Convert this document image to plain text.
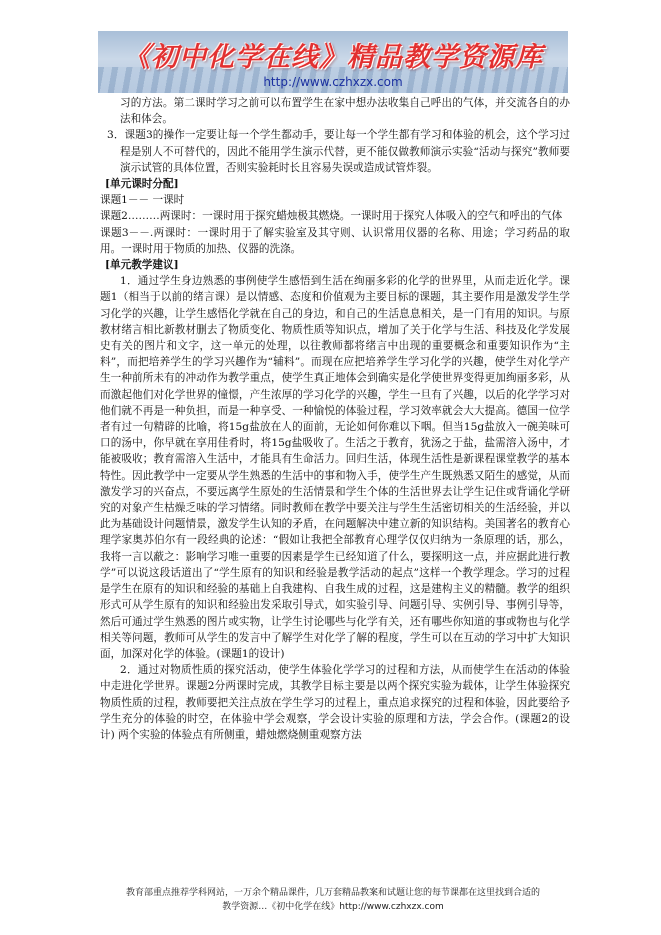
《初中化学在线》精品教学资源库
http://www.czhxzx.com

习的方法。第二课时学习之前可以布置学生在家中想办法收集自己呼出的气体，并交流各自的办法和体会。

3．课题3的操作一定要让每一个学生都动手，要让每一个学生都有学习和体验的机会，这个学习过程是别人不可替代的，因此不能用学生演示代替，更不能仅做教师演示实验“活动与探究”教师要演示试管的具体位置，否则实验耗时长且容易失误或造成试管炸裂。

[单元课时分配]

课题1－－ 一课时

课题2………两课时：一课时用于探究蜡烛极其燃烧。一课时用于探究人体吸入的空气和呼出的气体

课题3－－.两课时：一课时用于了解实验室及其守则、认识常用仪器的名称、用途；学习药品的取用。一课时用于物质的加热、仪器的洗涤。

[单元教学建议]

1．通过学生身边熟悉的事例使学生感悟到生活在绚丽多彩的化学的世界里，从而走近化学。课题1（相当于以前的绪言课）是以情感、态度和价值观为主要目标的课题，其主要作用是激发学生学习化学的兴趣，让学生感悟化学就在自己的身边，和自己的生活息息相关，是一门有用的知识。与原教材绪言相比新教材删去了物质变化、物质性质等知识点，增加了关于化学与生活、科技及化学发展史有关的图片和文字，这一单元的处理，以往教师都将绪言中出现的重要概念和重要知识作为“主料”，而把培养学生的学习兴趣作为“辅料”。而现在应把培养学生学习化学的兴趣，使学生对化学产生一种前所未有的冲动作为教学重点，使学生真正地体会到确实是化学使世界变得更加绚丽多彩，从而激起他们对化学世界的憧憬，产生浓厚的学习化学的兴趣，学生一旦有了兴趣，以后的化学学习对他们就不再是一种负担，而是一种享受、一种愉悦的体验过程，学习效率就会大大提高。德国一位学者有过一句精辟的比喻，将15g盐放在人的面前，无论如何你难以下咽。但当15g盐放入一碗美味可口的汤中，你早就在享用佳肴时，将15g盐吸收了。生活之于教育，犹汤之于盐，盐需溶入汤中，才能被吸收；教育需溶入生活中，才能具有生命活力。回归生活，体现生活性是新课程课堂教学的基本特性。因此教学中一定要从学生熟悉的生活中的事和物入手，使学生产生既熟悉又陌生的感觉，从而激发学习的兴奋点，不要远离学生原处的生活情景和学生个体的生活世界去让学生记住或背诵化学研究的对象产生枯燥乏味的学习情绪。同时教师在教学中要关注与学生生活密切相关的生活经验，并以此为基础设计问题情景，激发学生认知的矛盾，在问题解决中建立新的知识结构。美国著名的教育心理学家奥苏伯尔有一段经典的论述：“假如让我把全部教育心理学仅仅归纳为一条原理的话，那么，我将一言以蔽之：影响学习唯一重要的因素是学生已经知道了什么，要探明这一点，并应据此进行教学”可以说这段话道出了“学生原有的知识和经验是教学活动的起点”这样一个教学理念。学习的过程是学生在原有的知识和经验的基础上自我建构、自我生成的过程，这是建构主义的精髓。教学的组织形式可从学生原有的知识和经验出发采取引导式，如实验引导、问题引导、实例引导、事例引导等，然后可通过学生熟悉的图片或实物，让学生讨论哪些与化学有关，还有哪些你知道的事或物也与化学相关等问题，教师可从学生的发言中了解学生对化学了解的程度，学生可以在互动的学习中扩大知识面，加深对化学的体验。(课题1的设计)

2．通过对物质性质的探究活动，使学生体验化学学习的过程和方法，从而使学生在活动的体验中走进化学世界。课题2分两课时完成，其教学目标主要是以两个探究实验为载体，让学生体验探究物质性质的过程，教师要把关注点放在学生学习的过程上，重点追求探究的过程和体验，因此要给予学生充分的体验的时空，在体验中学会观察，学会设计实验的原理和方法，学会合作。(课题2的设计) 两个实验的体验点有所侧重，蜡烛燃烧侧重观察方法

教育部重点推荐学科网站，一万余个精品课件，几万套精品教案和试题让您的每节课都在这里找到合适的
教学资源…《初中化学在线》http://www.czhxzx.com
